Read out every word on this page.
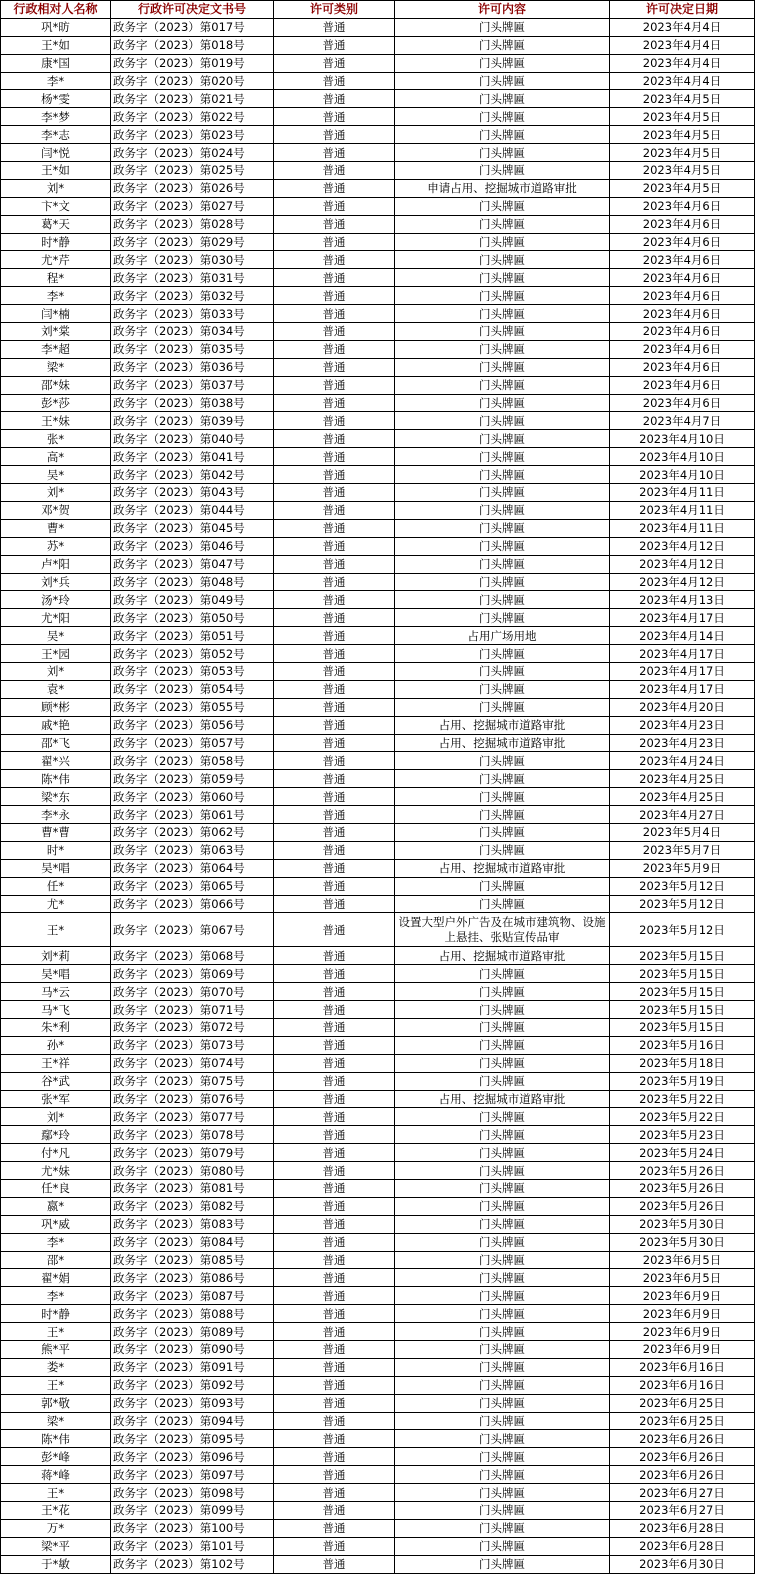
行政相对人名称	行政许可决定文书号	许可类别	许可内容	许可决定日期
巩*昉	政务字（2023）第017号	普通	门头牌匾	2023年4月4日
王*如	政务字（2023）第018号	普通	门头牌匾	2023年4月4日
康*国	政务字（2023）第019号	普通	门头牌匾	2023年4月4日
李*	政务字（2023）第020号	普通	门头牌匾	2023年4月4日
杨*雯	政务字（2023）第021号	普通	门头牌匾	2023年4月5日
李*梦	政务字（2023）第022号	普通	门头牌匾	2023年4月5日
李*志	政务字（2023）第023号	普通	门头牌匾	2023年4月5日
闫*悦	政务字（2023）第024号	普通	门头牌匾	2023年4月5日
王*如	政务字（2023）第025号	普通	门头牌匾	2023年4月5日
刘*	政务字（2023）第026号	普通	申请占用、挖掘城市道路审批	2023年4月5日
卞*文	政务字（2023）第027号	普通	门头牌匾	2023年4月6日
葛*天	政务字（2023）第028号	普通	门头牌匾	2023年4月6日
时*静	政务字（2023）第029号	普通	门头牌匾	2023年4月6日
尤*芹	政务字（2023）第030号	普通	门头牌匾	2023年4月6日
程*	政务字（2023）第031号	普通	门头牌匾	2023年4月6日
李*	政务字（2023）第032号	普通	门头牌匾	2023年4月6日
闫*楠	政务字（2023）第033号	普通	门头牌匾	2023年4月6日
刘*棠	政务字（2023）第034号	普通	门头牌匾	2023年4月6日
李*超	政务字（2023）第035号	普通	门头牌匾	2023年4月6日
梁*	政务字（2023）第036号	普通	门头牌匾	2023年4月6日
邵*妹	政务字（2023）第037号	普通	门头牌匾	2023年4月6日
彭*莎	政务字（2023）第038号	普通	门头牌匾	2023年4月6日
王*妹	政务字（2023）第039号	普通	门头牌匾	2023年4月7日
张*	政务字（2023）第040号	普通	门头牌匾	2023年4月10日
高*	政务字（2023）第041号	普通	门头牌匾	2023年4月10日
吴*	政务字（2023）第042号	普通	门头牌匾	2023年4月10日
刘*	政务字（2023）第043号	普通	门头牌匾	2023年4月11日
邓*贺	政务字（2023）第044号	普通	门头牌匾	2023年4月11日
曹*	政务字（2023）第045号	普通	门头牌匾	2023年4月11日
苏*	政务字（2023）第046号	普通	门头牌匾	2023年4月12日
卢*阳	政务字（2023）第047号	普通	门头牌匾	2023年4月12日
刘*兵	政务字（2023）第048号	普通	门头牌匾	2023年4月12日
汤*玲	政务字（2023）第049号	普通	门头牌匾	2023年4月13日
尤*阳	政务字（2023）第050号	普通	门头牌匾	2023年4月17日
吴*	政务字（2023）第051号	普通	占用广场用地	2023年4月14日
王*园	政务字（2023）第052号	普通	门头牌匾	2023年4月17日
刘*	政务字（2023）第053号	普通	门头牌匾	2023年4月17日
袁*	政务字（2023）第054号	普通	门头牌匾	2023年4月17日
顾*彬	政务字（2023）第055号	普通	门头牌匾	2023年4月20日
戚*艳	政务字（2023）第056号	普通	占用、挖掘城市道路审批	2023年4月23日
邵*飞	政务字（2023）第057号	普通	占用、挖掘城市道路审批	2023年4月23日
翟*兴	政务字（2023）第058号	普通	门头牌匾	2023年4月24日
陈*伟	政务字（2023）第059号	普通	门头牌匾	2023年4月25日
梁*东	政务字（2023）第060号	普通	门头牌匾	2023年4月25日
李*永	政务字（2023）第061号	普通	门头牌匾	2023年4月27日
曹*曹	政务字（2023）第062号	普通	门头牌匾	2023年5月4日
时*	政务字（2023）第063号	普通	门头牌匾	2023年5月7日
吴*唱	政务字（2023）第064号	普通	占用、挖掘城市道路审批	2023年5月9日
任*	政务字（2023）第065号	普通	门头牌匾	2023年5月12日
尤*	政务字（2023）第066号	普通	门头牌匾	2023年5月12日
王*	政务字（2023）第067号	普通	设置大型户外广告及在城市建筑物、设施上悬挂、张贴宣传品审	2023年5月12日
刘*莉	政务字（2023）第068号	普通	占用、挖掘城市道路审批	2023年5月15日
吴*唱	政务字（2023）第069号	普通	门头牌匾	2023年5月15日
马*云	政务字（2023）第070号	普通	门头牌匾	2023年5月15日
马*飞	政务字（2023）第071号	普通	门头牌匾	2023年5月15日
朱*利	政务字（2023）第072号	普通	门头牌匾	2023年5月15日
孙*	政务字（2023）第073号	普通	门头牌匾	2023年5月16日
王*祥	政务字（2023）第074号	普通	门头牌匾	2023年5月18日
谷*武	政务字（2023）第075号	普通	门头牌匾	2023年5月19日
张*军	政务字（2023）第076号	普通	占用、挖掘城市道路审批	2023年5月22日
刘*	政务字（2023）第077号	普通	门头牌匾	2023年5月22日
鄢*玲	政务字（2023）第078号	普通	门头牌匾	2023年5月23日
付*凡	政务字（2023）第079号	普通	门头牌匾	2023年5月24日
尤*妹	政务字（2023）第080号	普通	门头牌匾	2023年5月26日
任*良	政务字（2023）第081号	普通	门头牌匾	2023年5月26日
嬴*	政务字（2023）第082号	普通	门头牌匾	2023年5月26日
巩*威	政务字（2023）第083号	普通	门头牌匾	2023年5月30日
李*	政务字（2023）第084号	普通	门头牌匾	2023年5月30日
邵*	政务字（2023）第085号	普通	门头牌匾	2023年6月5日
翟*娟	政务字（2023）第086号	普通	门头牌匾	2023年6月5日
李*	政务字（2023）第087号	普通	门头牌匾	2023年6月9日
时*静	政务字（2023）第088号	普通	门头牌匾	2023年6月9日
王*	政务字（2023）第089号	普通	门头牌匾	2023年6月9日
熊*平	政务字（2023）第090号	普通	门头牌匾	2023年6月9日
娄*	政务字（2023）第091号	普通	门头牌匾	2023年6月16日
王*	政务字（2023）第092号	普通	门头牌匾	2023年6月16日
郭*敬	政务字（2023）第093号	普通	门头牌匾	2023年6月25日
梁*	政务字（2023）第094号	普通	门头牌匾	2023年6月25日
陈*伟	政务字（2023）第095号	普通	门头牌匾	2023年6月26日
彭*峰	政务字（2023）第096号	普通	门头牌匾	2023年6月26日
蒋*峰	政务字（2023）第097号	普通	门头牌匾	2023年6月26日
王*	政务字（2023）第098号	普通	门头牌匾	2023年6月27日
王*花	政务字（2023）第099号	普通	门头牌匾	2023年6月27日
万*	政务字（2023）第100号	普通	门头牌匾	2023年6月28日
梁*平	政务字（2023）第101号	普通	门头牌匾	2023年6月28日
于*敏	政务字（2023）第102号	普通	门头牌匾	2023年6月30日
